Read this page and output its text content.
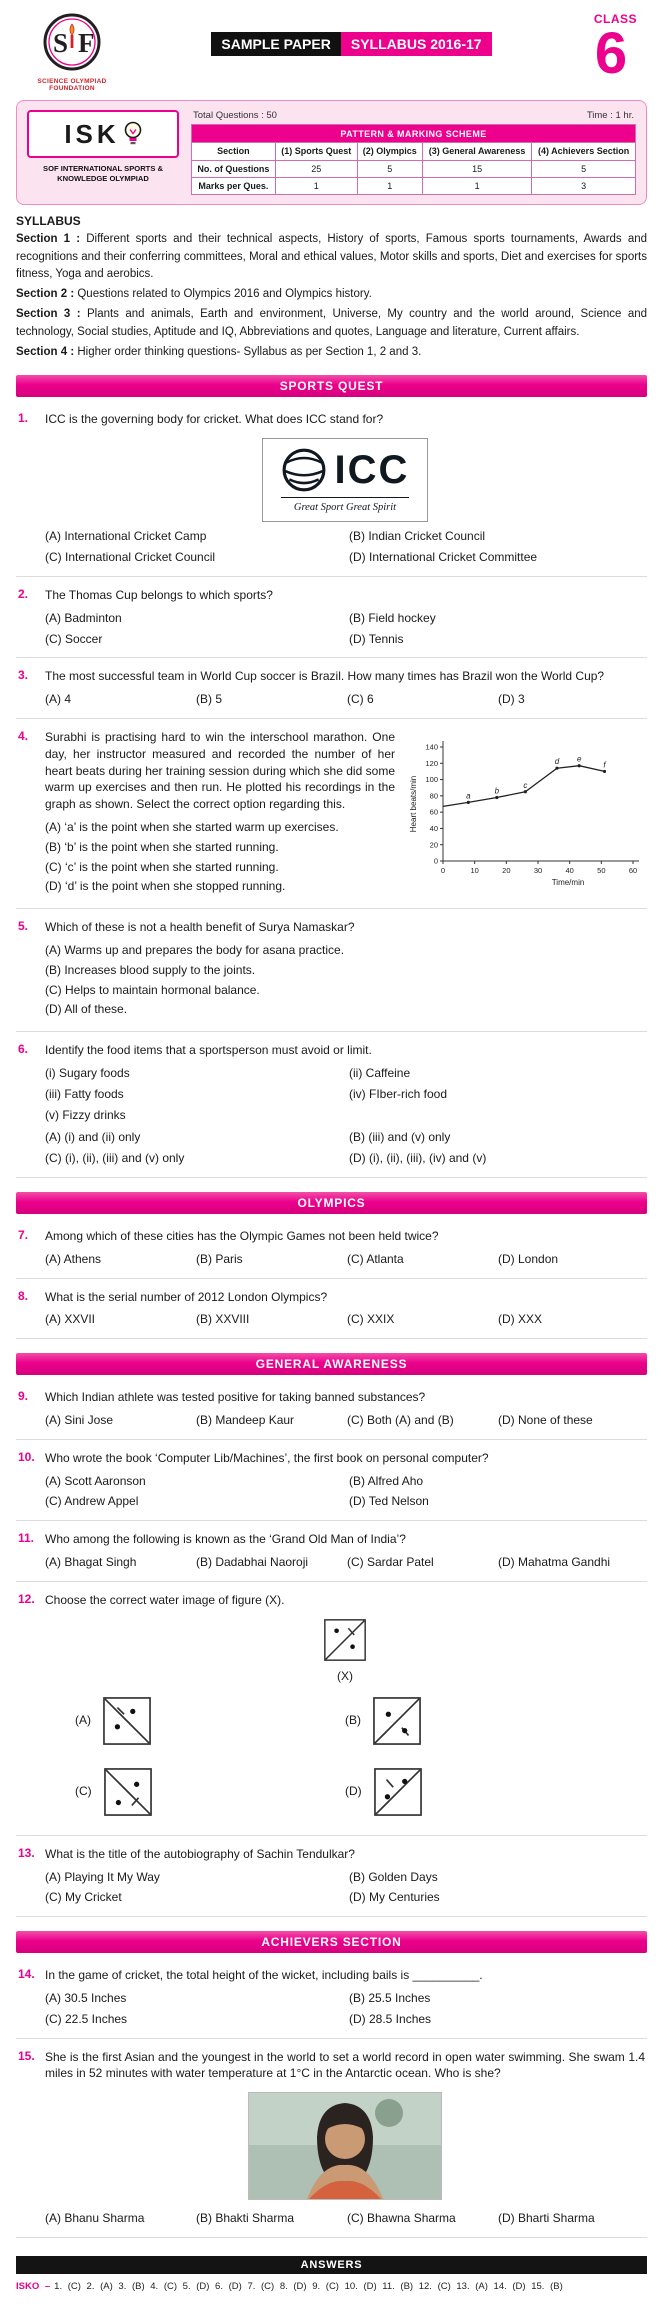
S F
SCIENCE OLYMPIAD FOUNDATION
SAMPLE PAPER SYLLABUS 2016-17
CLASS
6
ISK
SOF INTERNATIONAL SPORTS &
KNOWLEDGE OLYMPIAD
Total Questions : 50	Time : 1 hr.
PATTERN & MARKING SCHEME				
Section	(1) Sports Quest	(2) Olympics	(3) General Awareness	(4) Achievers Section
No. of Questions	25	5	15	5
Marks per Ques.	1	1	1	3
SYLLABUS

Section 1 : Different sports and their technical aspects, History of sports, Famous sports tournaments, Awards and recognitions and their conferring committees, Moral and ethical values, Motor skills and sports, Diet and exercises for sports fitness, Yoga and aerobics.

Section 2 : Questions related to Olympics 2016 and Olympics history.

Section 3 : Plants and animals, Earth and environment, Universe, My country and the world around, Science and technology, Social studies, Aptitude and IQ, Abbreviations and quotes, Language and literature, Current affairs.

Section 4 : Higher order thinking questions- Syllabus as per Section 1, 2 and 3.

SPORTS QUEST
1.	ICC is the governing body for cricket. What does ICC stand for?
ICC
Great Sport Great Spirit
(A) International Cricket Camp	(B) Indian Cricket Council
(C) International Cricket Council	(D) International Cricket Committee
2.	The Thomas Cup belongs to which sports?
(A) Badminton	(B) Field hockey
(C) Soccer	(D) Tennis
3.	The most successful team in World Cup soccer is Brazil. How many times has Brazil won the World Cup?
(A) 4	(B) 5	(C) 6	(D) 3
4.	Surabhi is practising hard to win the interschool marathon. One day, her instructor measured and recorded the number of her heart beats during her training session during which she did some warm up exercises and then run. He plotted his recordings in the graph as shown. Select the correct option regarding this.
(A) ‘a’ is the point when she started warm up exercises.
(B) ‘b’ is the point when she started running.
(C) ‘c’ is the point when she started running.
(D) ‘d’ is the point when she stopped running.
0
20
40
60
80
100
120
140
0	10	20	30	40	50	60
a
b
c
d e
f
Time/min
Heart beats/min
5.	Which of these is not a health benefit of Surya Namaskar?
(A) Warms up and prepares the body for asana practice.
(B) Increases blood supply to the joints.
(C) Helps to maintain hormonal balance.
(D) All of these.
6.	Identify the food items that a sportsperson must avoid or limit.
(i) Sugary foods	(ii) Caffeine
(iii) Fatty foods	(iv) FIber-rich food
(v) Fizzy drinks
(A) (i) and (ii) only	(B) (iii) and (v) only
(C) (i), (ii), (iii) and (v) only	(D) (i), (ii), (iii), (iv) and (v)
OLYMPICS
7.	Among which of these cities has the Olympic Games not been held twice?
(A) Athens	(B) Paris	(C) Atlanta	(D) London
8.	What is the serial number of 2012 London Olympics?
(A) XXVII	(B) XXVIII	(C) XXIX	(D) XXX
GENERAL AWARENESS
9.	Which Indian athlete was tested positive for taking banned substances?
(A) Sini Jose	(B) Mandeep Kaur	(C) Both (A) and (B)	(D) None of these
10. Who wrote the book ‘Computer Lib/Machines’, the first book on personal computer?
(A) Scott Aaronson	(B) Alfred Aho
(C) Andrew Appel	(D) Ted Nelson
11. Who among the following is known as the ‘Grand Old Man of India’?
(A) Bhagat Singh	(B) Dadabhai Naoroji	(C) Sardar Patel	(D) Mahatma Gandhi
12. Choose the correct water image of figure (X).
(X)
(A)	(B)
(C)	(D)
13. What is the title of the autobiography of Sachin Tendulkar?
(A) Playing It My Way	(B) Golden Days
(C) My Cricket	(D) My Centuries
ACHIEVERS SECTION
14. In the game of cricket, the total height of the wicket, including bails is __________.
(A) 30.5 Inches	(B) 25.5 Inches
(C) 22.5 Inches	(D) 28.5 Inches
15. She is the first Asian and the youngest in the world to set a world record in open water swimming. She swam 1.4 miles in 52 minutes with water temperature at 1°C in the Antarctic ocean. Who is she?
(A) Bhanu Sharma	(B) Bhakti Sharma	(C) Bhawna Sharma	(D) Bharti Sharma
ANSWERS
ISKO – 1. (C) 2. (A) 3. (B) 4. (C) 5. (D) 6. (D) 7. (C) 8. (D) 9. (C) 10. (D) 11. (B) 12. (C) 13. (A) 14. (D) 15. (B)
